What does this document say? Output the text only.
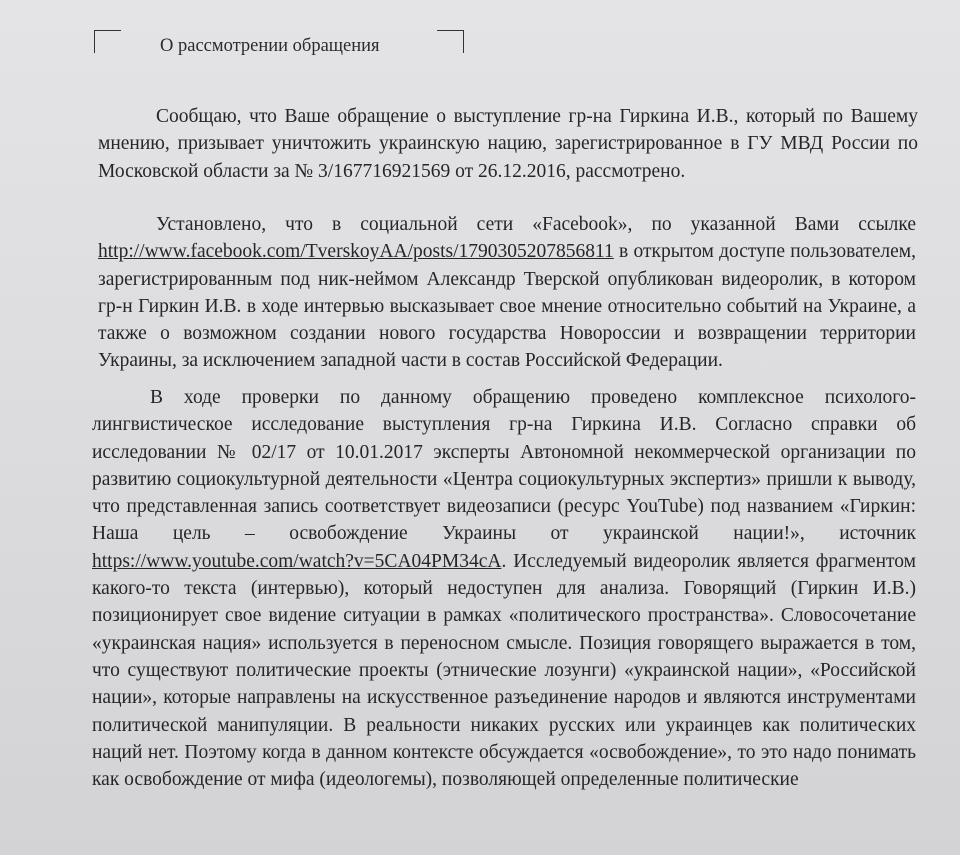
О рассмотрении обращения
Сообщаю, что Ваше обращение о выступление гр-на Гиркина И.В., который по Вашему мнению, призывает уничтожить украинскую нацию, зарегистрированное в ГУ МВД России по Московской области за № 3/167716921569 от 26.12.2016, рассмотрено.
Установлено, что в социальной сети «Facebook», по указанной Вами ссылке http://www.facebook.com/TverskoyAA/posts/1790305207856811 в открытом доступе пользователем, зарегистрированным под ник-неймом Александр Тверской опубликован видеоролик, в котором гр-н Гиркин И.В. в ходе интервью высказывает свое мнение относительно событий на Украине, а также о возможном создании нового государства Новороссии и возвращении территории Украины, за исключением западной части в состав Российской Федерации.
В ходе проверки по данному обращению проведено комплексное психолого-лингвистическое исследование выступления гр-на Гиркина И.В. Согласно справки об исследовании № 02/17 от 10.01.2017 эксперты Автономной некоммерческой организации по развитию социокультурной деятельности «Центра социокультурных экспертиз» пришли к выводу, что представленная запись соответствует видеозаписи (ресурс YouTube) под названием «Гиркин: Наша цель – освобождение Украины от украинской нации!», источник https://www.youtube.com/watch?v=5CA04PM34cA. Исследуемый видеоролик является фрагментом какого-то текста (интервью), который недоступен для анализа. Говорящий (Гиркин И.В.) позиционирует свое видение ситуации в рамках «политического пространства». Словосочетание «украинская нация» используется в переносном смысле. Позиция говорящего выражается в том, что существуют политические проекты (этнические лозунги) «украинской нации», «Российской нации», которые направлены на искусственное разъединение народов и являются инструментами политической манипуляции. В реальности никаких русских или украинцев как политических наций нет. Поэтому когда в данном контексте обсуждается «освобождение», то это надо понимать как освобождение от мифа (идеологемы), позволяющей определенные политические
